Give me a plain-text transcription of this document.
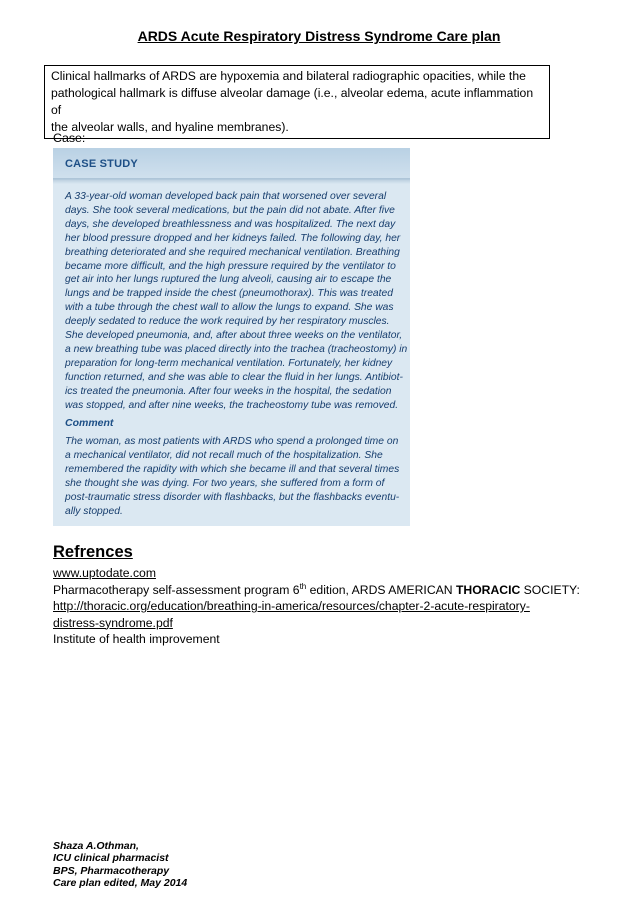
ARDS Acute Respiratory Distress Syndrome Care plan
Clinical hallmarks of ARDS are hypoxemia and bilateral radiographic opacities, while the
pathological hallmark is diffuse alveolar damage (i.e., alveolar edema, acute inflammation of
the alveolar walls, and hyaline membranes).
Case:
CASE STUDY
A 33-year-old woman developed back pain that worsened over several
days. She took several medications, but the pain did not abate. After five
days, she developed breathlessness and was hospitalized. The next day
her blood pressure dropped and her kidneys failed. The following day, her
breathing deteriorated and she required mechanical ventilation. Breathing
became more difficult, and the high pressure required by the ventilator to
get air into her lungs ruptured the lung alveoli, causing air to escape the
lungs and be trapped inside the chest (pneumothorax). This was treated
with a tube through the chest wall to allow the lungs to expand. She was
deeply sedated to reduce the work required by her respiratory muscles.
She developed pneumonia, and, after about three weeks on the ventilator,
a new breathing tube was placed directly into the trachea (tracheostomy) in
preparation for long-term mechanical ventilation. Fortunately, her kidney
function returned, and she was able to clear the fluid in her lungs. Antibiot-
ics treated the pneumonia. After four weeks in the hospital, the sedation
was stopped, and after nine weeks, the tracheostomy tube was removed.
Comment
The woman, as most patients with ARDS who spend a prolonged time on
a mechanical ventilator, did not recall much of the hospitalization. She
remembered the rapidity with which she became ill and that several times
she thought she was dying. For two years, she suffered from a form of
post-traumatic stress disorder with flashbacks, but the flashbacks eventu-
ally stopped.
Refrences
www.uptodate.com
Pharmacotherapy self-assessment program 6th edition, ARDS AMERICAN THORACIC SOCIETY:
http://thoracic.org/education/breathing-in-america/resources/chapter-2-acute-respiratory-
distress-syndrome.pdf
Institute of health improvement
Shaza A.Othman,
ICU clinical pharmacist
BPS, Pharmacotherapy
Care plan edited, May 2014
